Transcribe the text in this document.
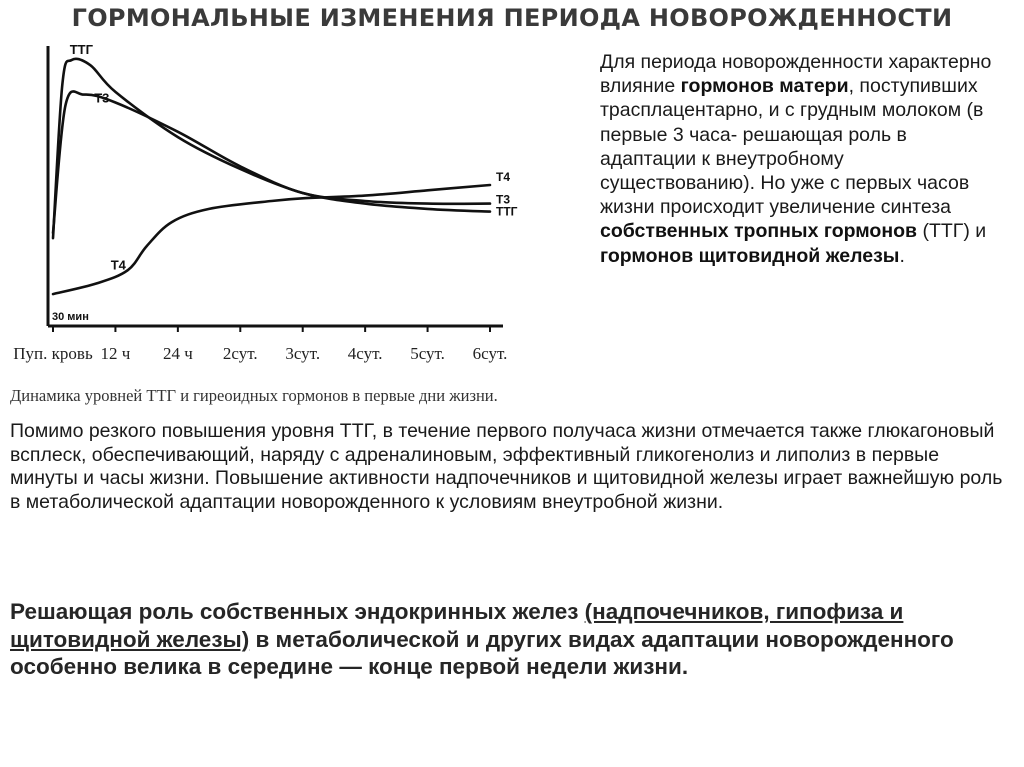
ГОРМОНАЛЬНЫЕ ИЗМЕНЕНИЯ ПЕРИОДА НОВОРОЖДЕННОСТИ
30 мин
ТТГ
ТТГ
Т3
Т3
Т4
Т4
Пуп. кровь 12 ч 24 ч 2сут. 3сут. 4сут. 5сут. 6сут.
Динамика уровней ТТГ и гиреоидных гормонов в первые дни жизни.
Для периода новорожденности характерно влияние гормонов матери, поступивших трасплацентарно, и с грудным молоком (в первые 3 часа- решающая роль в адаптации к внеутробному существованию). Но уже с первых часов жизни происходит увеличение синтеза собственных тропных гормонов (ТТГ) и гормонов щитовидной железы.
Помимо резкого повышения уровня ТТГ, в течение первого получаса жизни отмечается также глюкагоновый всплеск, обеспечивающий, наряду с адреналиновым, эффективный гликогенолиз и липолиз в первые минуты и часы жизни. Повышение активности надпочечников и щитовидной железы играет важнейшую роль в метаболической адаптации новорожденного к условиям внеутробной жизни.
Решающая роль собственных эндокринных желез (надпочечников, гипофиза и щитовидной железы) в метаболической и других видах адаптации новорожденного особенно велика в середине — конце первой недели жизни.
